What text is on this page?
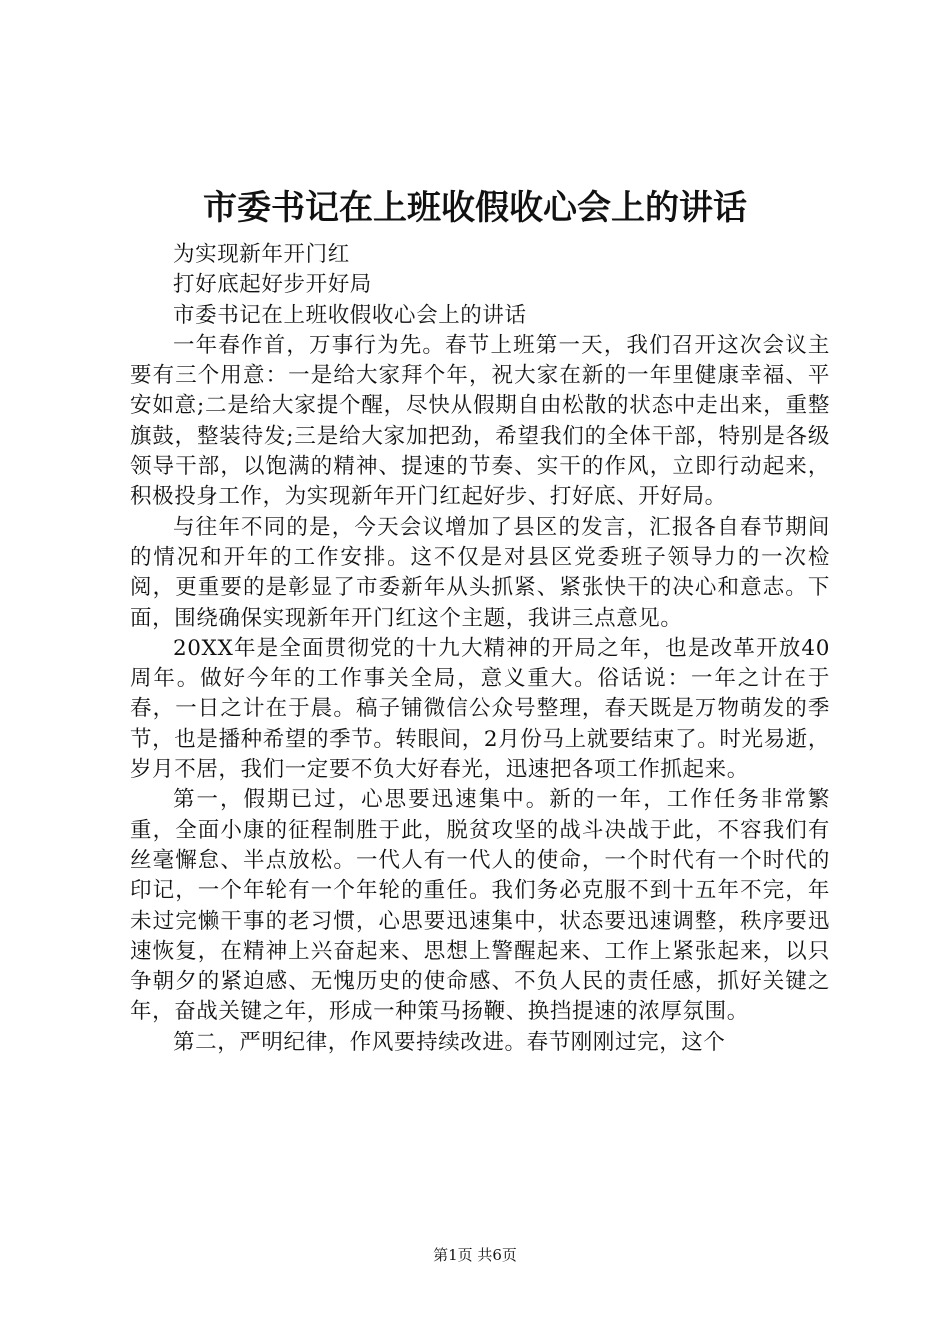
市委书记在上班收假收心会上的讲话

为实现新年开门红

打好底起好步开好局

市委书记在上班收假收心会上的讲话

一年春作首，万事行为先。春节上班第一天，我们召开这次会议主要有三个用意：一是给大家拜个年，祝大家在新的一年里健康幸福、平安如意;二是给大家提个醒，尽快从假期自由松散的状态中走出来，重整旗鼓，整装待发;三是给大家加把劲，希望我们的全体干部，特别是各级领导干部，以饱满的精神、提速的节奏、实干的作风，立即行动起来，积极投身工作，为实现新年开门红起好步、打好底、开好局。

与往年不同的是，今天会议增加了县区的发言，汇报各自春节期间的情况和开年的工作安排。这不仅是对县区党委班子领导力的一次检阅，更重要的是彰显了市委新年从头抓紧、紧张快干的决心和意志。下面，围绕确保实现新年开门红这个主题，我讲三点意见。

20XX年是全面贯彻党的十九大精神的开局之年，也是改革开放40周年。做好今年的工作事关全局，意义重大。俗话说：一年之计在于春，一日之计在于晨。稿子铺微信公众号整理，春天既是万物萌发的季节，也是播种希望的季节。转眼间，2月份马上就要结束了。时光易逝，岁月不居，我们一定要不负大好春光，迅速把各项工作抓起来。

第一，假期已过，心思要迅速集中。新的一年，工作任务非常繁重，全面小康的征程制胜于此，脱贫攻坚的战斗决战于此，不容我们有丝毫懈怠、半点放松。一代人有一代人的使命，一个时代有一个时代的印记，一个年轮有一个年轮的重任。我们务必克服不到十五年不完，年未过完懒干事的老习惯，心思要迅速集中，状态要迅速调整，秩序要迅速恢复，在精神上兴奋起来、思想上警醒起来、工作上紧张起来，以只争朝夕的紧迫感、无愧历史的使命感、不负人民的责任感，抓好关键之年，奋战关键之年，形成一种策马扬鞭、换挡提速的浓厚氛围。

第二，严明纪律，作风要持续改进。春节刚刚过完，这个

第1页 共6页
